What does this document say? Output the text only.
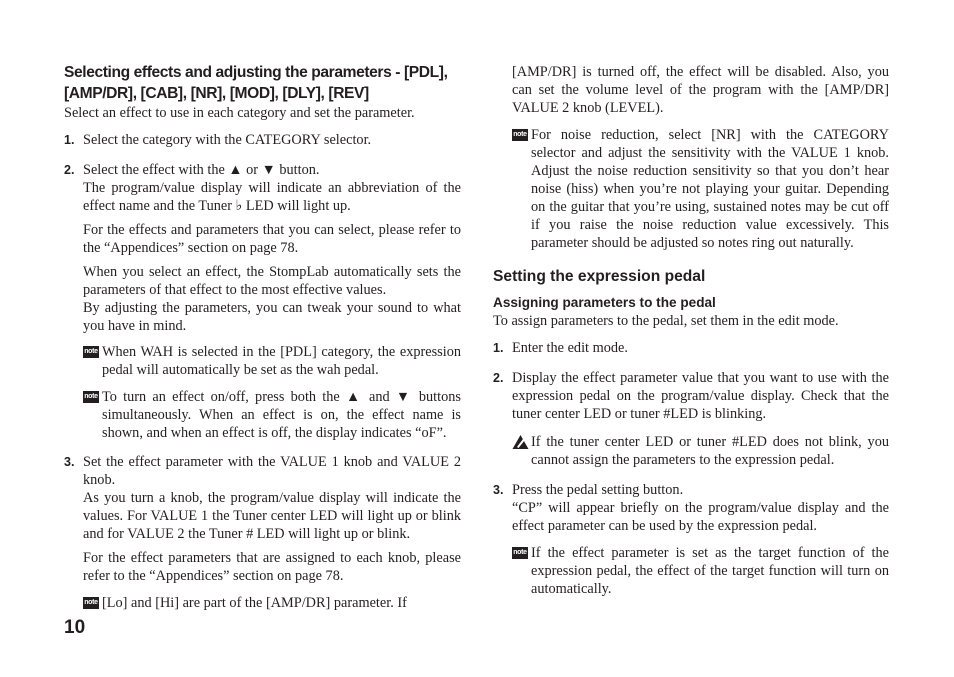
Selecting effects and adjusting the parameters - [PDL], [AMP/DR], [CAB], [NR], [MOD], [DLY], [REV]

Select an effect to use in each category and set the parameter.

1. Select the category with the CATEGORY selector.

2. Select the effect with the ▲ or ▼ button.

The program/value display will indicate an abbreviation of the effect name and the Tuner ♭ LED will light up.

For the effects and parameters that you can select, please refer to the “Appendices” section on page 78.

When you select an effect, the StompLab automatically sets the parameters of that effect to the most effective values.

By adjusting the parameters, you can tweak your sound to what you have in mind.

note When WAH is selected in the [PDL] category, the expression pedal will automatically be set as the wah pedal.

note To turn an effect on/off, press both the ▲ and ▼ buttons simultaneously. When an effect is on, the effect name is shown, and when an effect is off, the display indicates “oF”.

3. Set the effect parameter with the VALUE 1 knob and VALUE 2 knob.

As you turn a knob, the program/value display will indicate the values. For VALUE 1 the Tuner center LED will light up or blink and for VALUE 2 the Tuner # LED will light up or blink.

For the effect parameters that are assigned to each knob, please refer to the “Appendices” section on page 78.

note [Lo] and [Hi] are part of the [AMP/DR] parameter. If

10

[AMP/DR] is turned off, the effect will be disabled. Also, you can set the volume level of the program with the [AMP/DR] VALUE 2 knob (LEVEL).

note For noise reduction, select [NR] with the CATEGORY selector and adjust the sensitivity with the VALUE 1 knob. Adjust the noise reduction sensitivity so that you don’t hear noise (hiss) when you’re not playing your guitar. Depending on the guitar that you’re using, sustained notes may be cut off if you raise the noise reduction value excessively. This parameter should be adjusted so notes ring out naturally.

Setting the expression pedal
Assigning parameters to the pedal

To assign parameters to the pedal, set them in the edit mode.

1. Enter the edit mode.

2. Display the effect parameter value that you want to use with the expression pedal on the program/value display. Check that the tuner center LED or tuner #LED is blinking.

If the tuner center LED or tuner #LED does not blink, you cannot assign the parameters to the expression pedal.

3. Press the pedal setting button.

“CP” will appear briefly on the program/value display and the effect parameter can be used by the expression pedal.

note If the effect parameter is set as the target function of the expression pedal, the effect of the target function will turn on automatically.
